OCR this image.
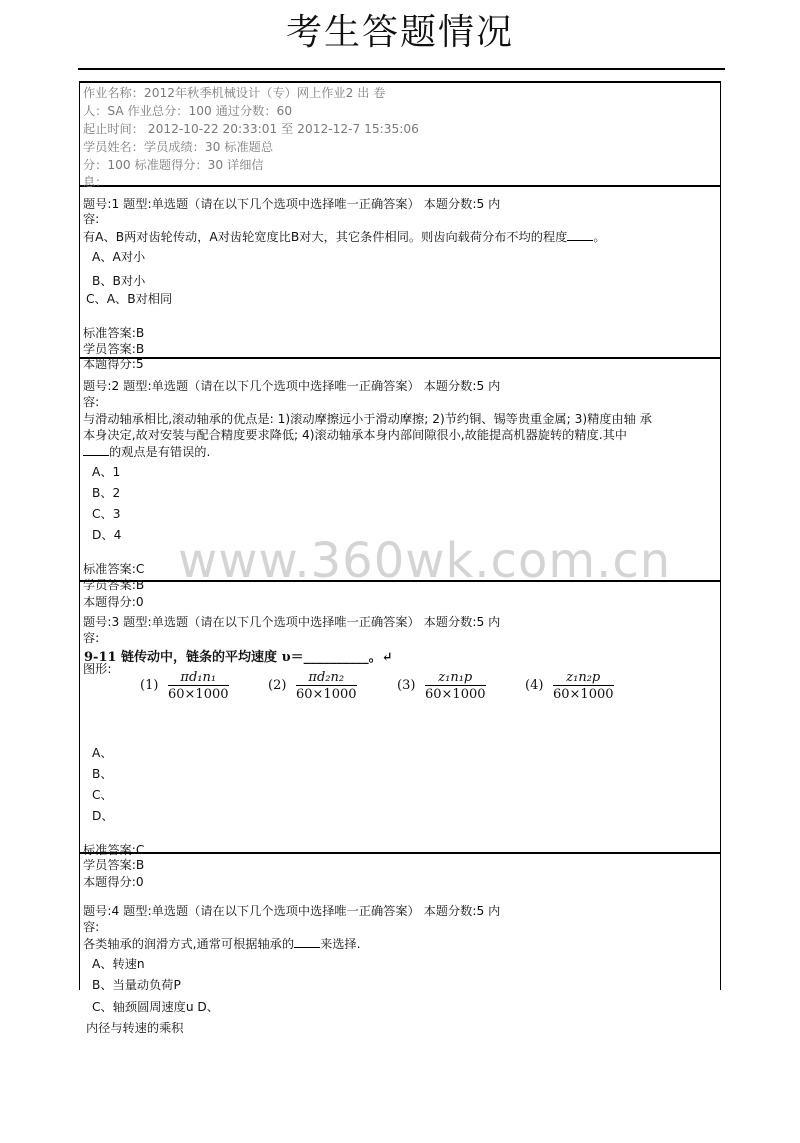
考生答题情况
作业名称：2012年秋季机械设计（专）网上作业2 出 卷
人：SA 作业总分：100 通过分数：60
起止时间： 2012-10-22 20:33:01 至 2012-12-7 15:35:06
学员姓名：学员成绩：30 标准题总
分：100 标准题得分：30 详细信
息：
题号:1 题型:单选题（请在以下几个选项中选择唯一正确答案） 本题分数:5 内
容:
有A、B两对齿轮传动，A对齿轮宽度比B对大，其它条件相同。则齿向载荷分布不均的程度 。
A、A对小
B、B对小
C、A、B对相同
标准答案:B
学员答案:B
本题得分:5
题号:2 题型:单选题（请在以下几个选项中选择唯一正确答案） 本题分数:5 内
容:
与滑动轴承相比,滚动轴承的优点是: 1)滚动摩擦远小于滑动摩擦; 2)节约铜、锡等贵重金属; 3)精度由轴 承
本身决定,故对安装与配合精度要求降低; 4)滚动轴承本身内部间隙很小,故能提高机器旋转的精度.其中
的观点是有错误的.
A、1
B、2
C、3
D、4 www.360wk.com.cn
标准答案:C
学员答案:B
本题得分:0
题号:3 题型:单选题（请在以下几个选项中选择唯一正确答案） 本题分数:5 内
容:
9-11 链传动中，链条的平均速度 υ＝__________。↵
图形:
$(1) \frac{\text{πd₁n₁}}{60\times 1000}$	$(2) \frac{\text{πd₂n₂}}{60\times 1000}$	$(3) \frac{\text{z₁n₁p}}{60\times 1000}$	$(4) \frac{\text{z₁n₂p}}{60\times 1000}$
A、
B、
C、
D、
标准答案:C
学员答案:B
本题得分:0
题号:4 题型:单选题（请在以下几个选项中选择唯一正确答案） 本题分数:5 内
容:
各类轴承的润滑方式,通常可根据轴承的 来选择.
A、转速n
B、当量动负荷P
C、轴颈圆周速度u D、
内径与转速的乘积
